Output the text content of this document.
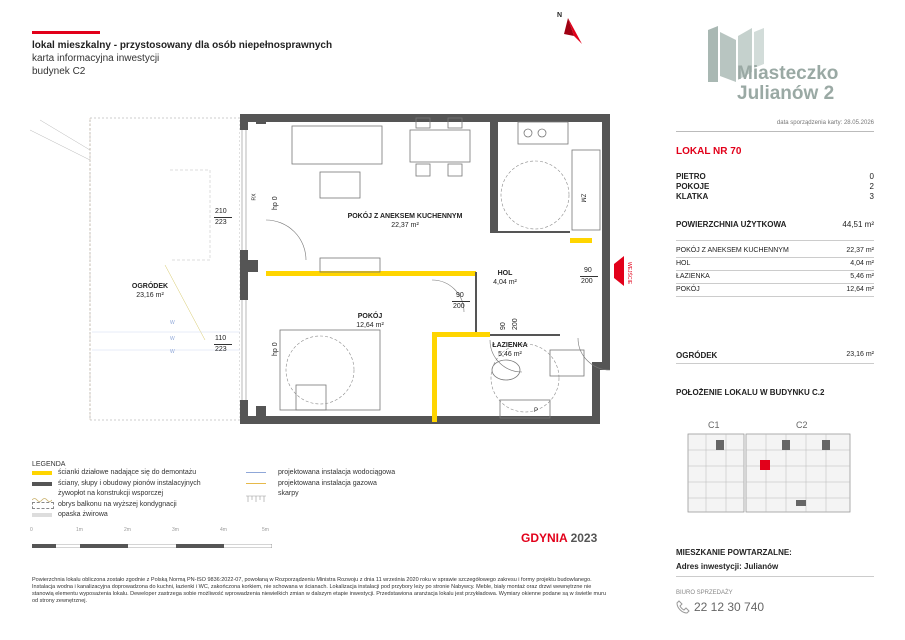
lokal mieszkalny - przystosowany dla osób niepełnosprawnych
karta informacyjna inwestycji
budynek C2	Miasteczko
Julianów 2
data sporządzenia karty: 28.05.2026
LOKAL NR 70
PIETRO	0
POKOJE	2
KLATKA	3
POWIERZCHNIA UŻYTKOWA	44,51 m²
POKÓJ Z ANEKSEM KUCHENNYM	22,37 m²
HOL	4,04 m²
ŁAZIENKA	5,46 m²
POKÓJ	12,64 m²
OGRÓDEK	23,16 m²
POŁOŻENIE LOKALU W BUDYNKU C.2
C1	C2
MIESZKANIE POWTARZALNE:
Adres inwestycji: Julianów
BIURO SPRZEDAŻY
22 12 30 740
N
WEJŚCIE
POKÓJ Z ANEKSEM KUCHENNYM
22,37 m²
HOL
4,04 m²
POKÓJ
12,64 m²
ŁAZIENKA
5,46 m²
OGRÓDEK
23,16 m²
210
223
hp 0
110
223	hp 0
90
200
90
200
90 200
ZM
P
RX
W
W
W
LEGENDA
ścianki działowe nadające się do demontażu
ściany, słupy i obudowy pionów instalacyjnych
żywopłot na konstrukcji wsporczej
obrys balkonu na wyższej kondygnacji
opaska żwirowa
projektowana instalacja wodociągowa
projektowana instalacja gazowa
skarpy
0	1m	2m	3m	4m	5m
GDYNIA 2023
Powierzchnia lokalu obliczona zostało zgodnie z Polską Normą PN-ISO 9836:2022-07, powołaną w Rozporządzeniu Ministra Rozwoju z dnia 11 września 2020 roku w sprawie szczegółowego zakresu i formy projektu budowlanego. Instalacja wodna i kanalizacyjna doprowadzona do kuchni, łazienki i WC, zakończona korkiem, nie schowana w ścianach. Lokalizacja instalacji pod przybory leży po stronie Nabywcy. Meble, biały montaż oraz drzwi wewnętrzne nie stanowią elementu wyposażenia lokalu. Deweloper zastrzega sobie możliwość wprowadzenia niewielkich zmian w dalszym etapie inwestycji. Przedstawiona aranżacja lokalu jest przykładowa. Wymiary okienne podane są w świetle muru od strony zewnętrznej.
